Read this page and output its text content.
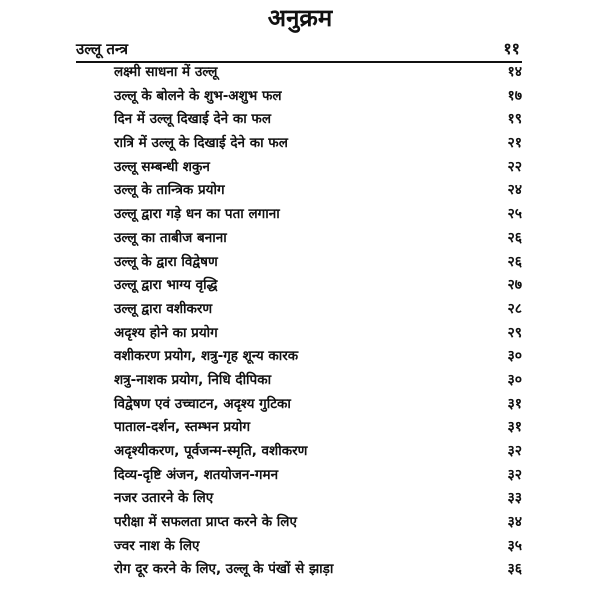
अनुक्रम
उल्लू तन्त्र	११
लक्ष्मी साधना में उल्लू	१४
उल्लू के बोलने के शुभ-अशुभ फल	१७
दिन में उल्लू दिखाई देने का फल	१९
रात्रि में उल्लू के दिखाई देने का फल	२१
उल्लू सम्बन्धी शकुन	२२
उल्लू के तान्त्रिक प्रयोग	२४
उल्लू द्वारा गड़े धन का पता लगाना	२५
उल्लू का ताबीज बनाना	२६
उल्लू के द्वारा विद्वेषण	२६
उल्लू द्वारा भाग्य वृद्धि	२७
उल्लू द्वारा वशीकरण	२८
अदृश्य होने का प्रयोग	२९
वशीकरण प्रयोग, शत्रु-गृह शून्य कारक	३०
शत्रु-नाशक प्रयोग, निधि दीपिका	३०
विद्वेषण एवं उच्चाटन, अदृश्य गुटिका	३१
पाताल-दर्शन, स्तम्भन प्रयोग	३१
अदृश्यीकरण, पूर्वजन्म-स्मृति, वशीकरण	३२
दिव्य-दृष्टि अंजन, शतयोजन-गमन	३२
नजर उतारने के लिए	३३
परीक्षा में सफलता प्राप्त करने के लिए	३४
ज्वर नाश के लिए	३५
रोग दूर करने के लिए, उल्लू के पंखों से झाड़ा	३६
